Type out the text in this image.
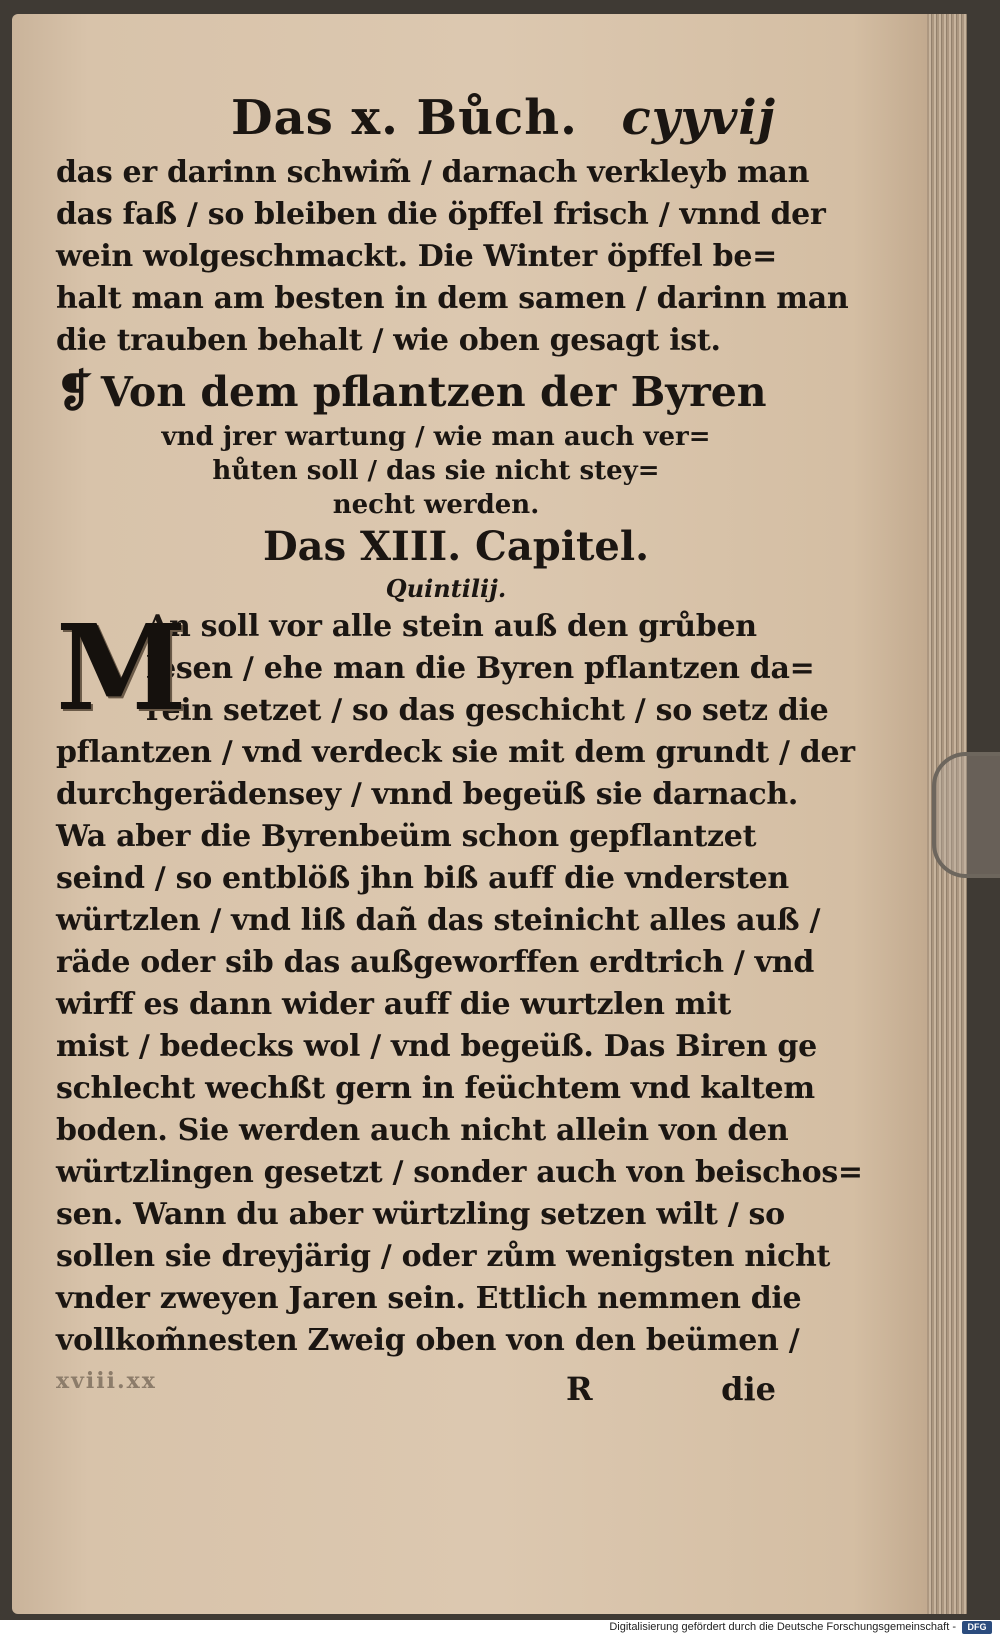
Das x. Bůch. cyyvij
das er darinn schwim̃ / darnach verkleyb man
das faß / so bleiben die öpffel frisch / vnnd der
wein wolgeschmackt. Die Winter öpffel be=
halt man am besten in dem samen / darinn man
die trauben behalt / wie oben gesagt ist.
❡ Von dem pflantzen der Byren
vnd jrer wartung / wie man auch ver=
hůten soll / das sie nicht stey=
necht werden.
Das XIII. Capitel.
Quintilij.
M
An soll vor alle stein auß den grůben
lesen / ehe man die Byren pflantzen da=
rein setzet / so das geschicht / so setz die
pflantzen / vnd verdeck sie mit dem grundt / der
durchgerädensey / vnnd begeüß sie darnach.
Wa aber die Byrenbeüm schon gepflantzet
seind / so entblöß jhn biß auff die vndersten
würtzlen / vnd liß dañ das steinicht alles auß /
räde oder sib das außgeworffen erdtrich / vnd
wirff es dann wider auff die wurtzlen mit
mist / bedecks wol / vnd begeüß. Das Biren ge
schlecht wechßt gern in feüchtem vnd kaltem
boden. Sie werden auch nicht allein von den
würtzlingen gesetzt / sonder auch von beischos=
sen. Wann du aber würtzling setzen wilt / so
sollen sie dreyjärig / oder zům wenigsten nicht
vnder zweyen Jaren sein. Ettlich nemmen die
vollkom̃nesten Zweig oben von den beümen /
xviii.xx	R	die
Digitalisierung gefördert durch die Deutsche Forschungsgemeinschaft -	DFG
